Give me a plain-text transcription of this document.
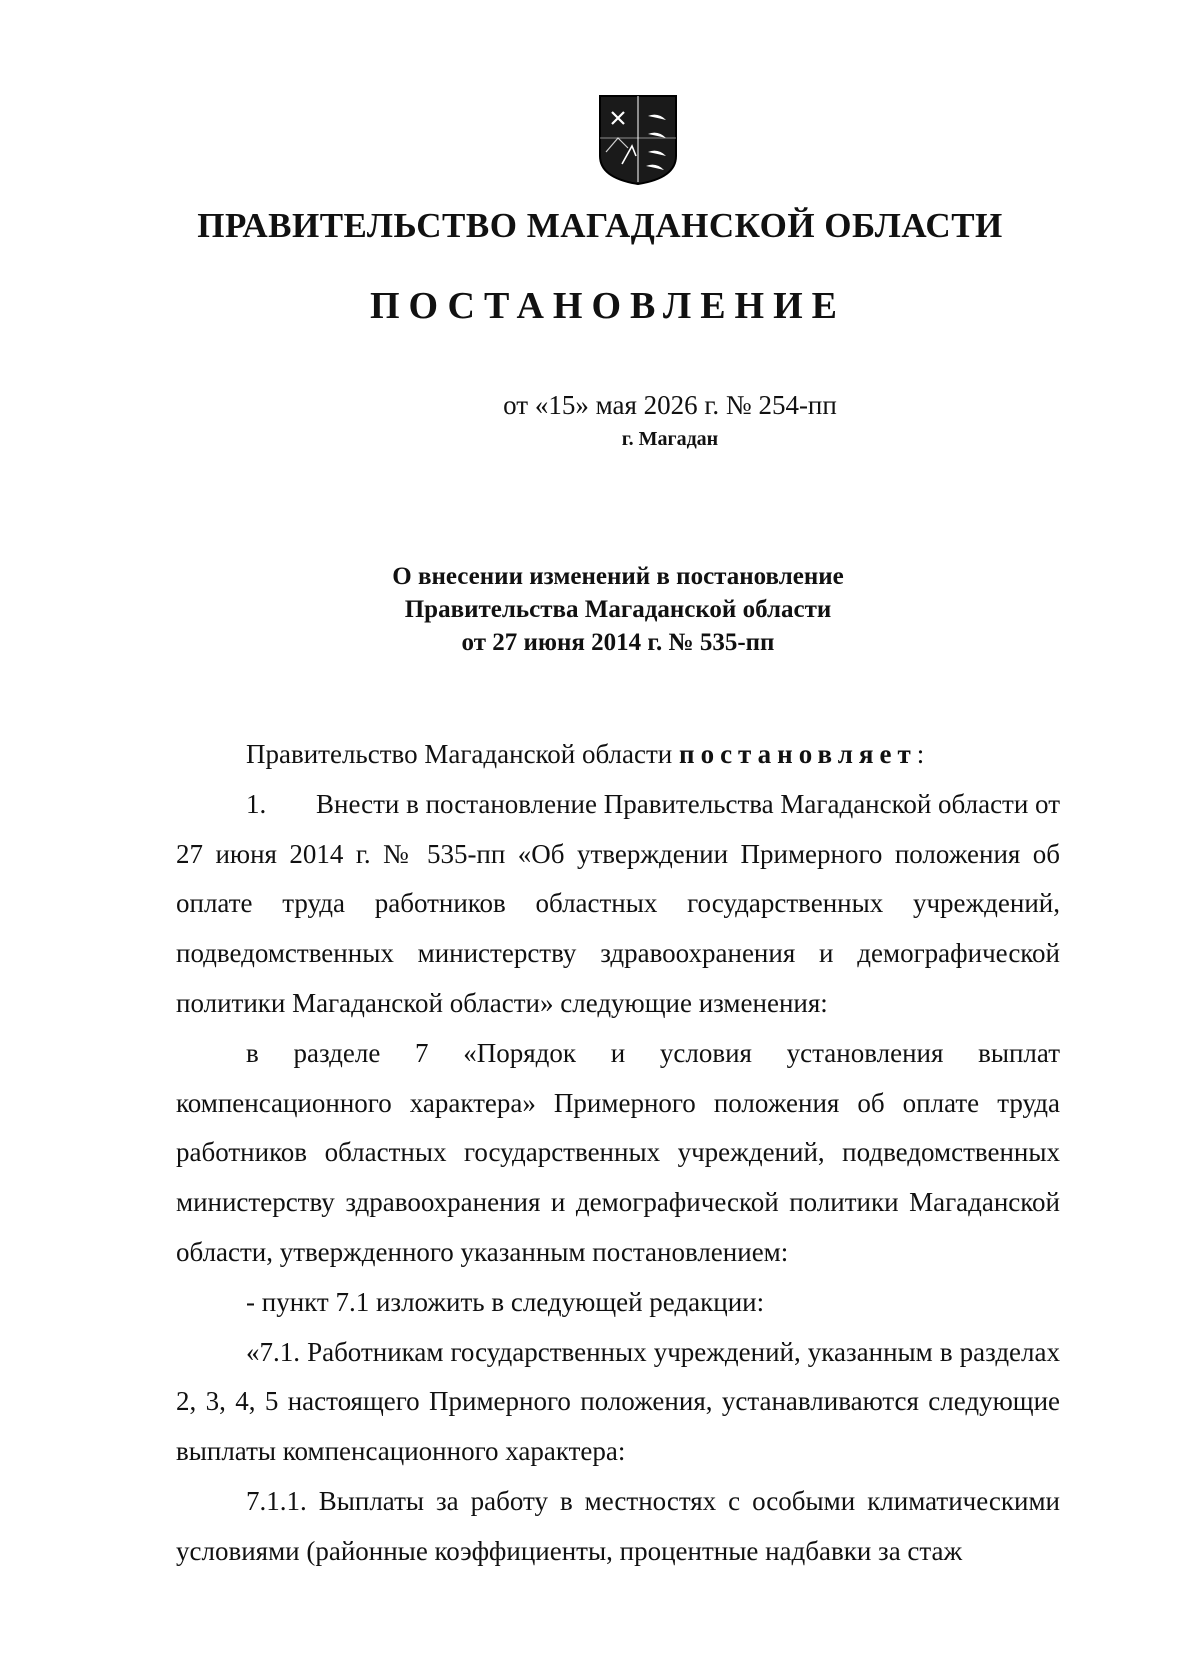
ПРАВИТЕЛЬСТВО МАГАДАНСКОЙ ОБЛАСТИ
ПОСТАНОВЛЕНИЕ
от «15» мая 2026 г. № 254-пп
г. Магадан
О внесении изменений в постановление
Правительства Магаданской области
от 27 июня 2014 г. № 535-пп

Правительство Магаданской области постановляет:

1. Внести в постановление Правительства Магаданской области от 27 июня 2014 г. № 535-пп «Об утверждении Примерного положения об оплате труда работников областных государственных учреждений, подведомственных министерству здравоохранения и демографической политики Магаданской области» следующие изменения:

в разделе 7 «Порядок и условия установления выплат компенсационного характера» Примерного положения об оплате труда работников областных государственных учреждений, подведомственных министерству здравоохранения и демографической политики Магаданской области, утвержденного указанным постановлением:

- пункт 7.1 изложить в следующей редакции:

«7.1. Работникам государственных учреждений, указанным в разделах 2, 3, 4, 5 настоящего Примерного положения, устанавливаются следующие выплаты компенсационного характера:

7.1.1. Выплаты за работу в местностях с особыми климатическими условиями (районные коэффициенты, процентные надбавки за стаж
